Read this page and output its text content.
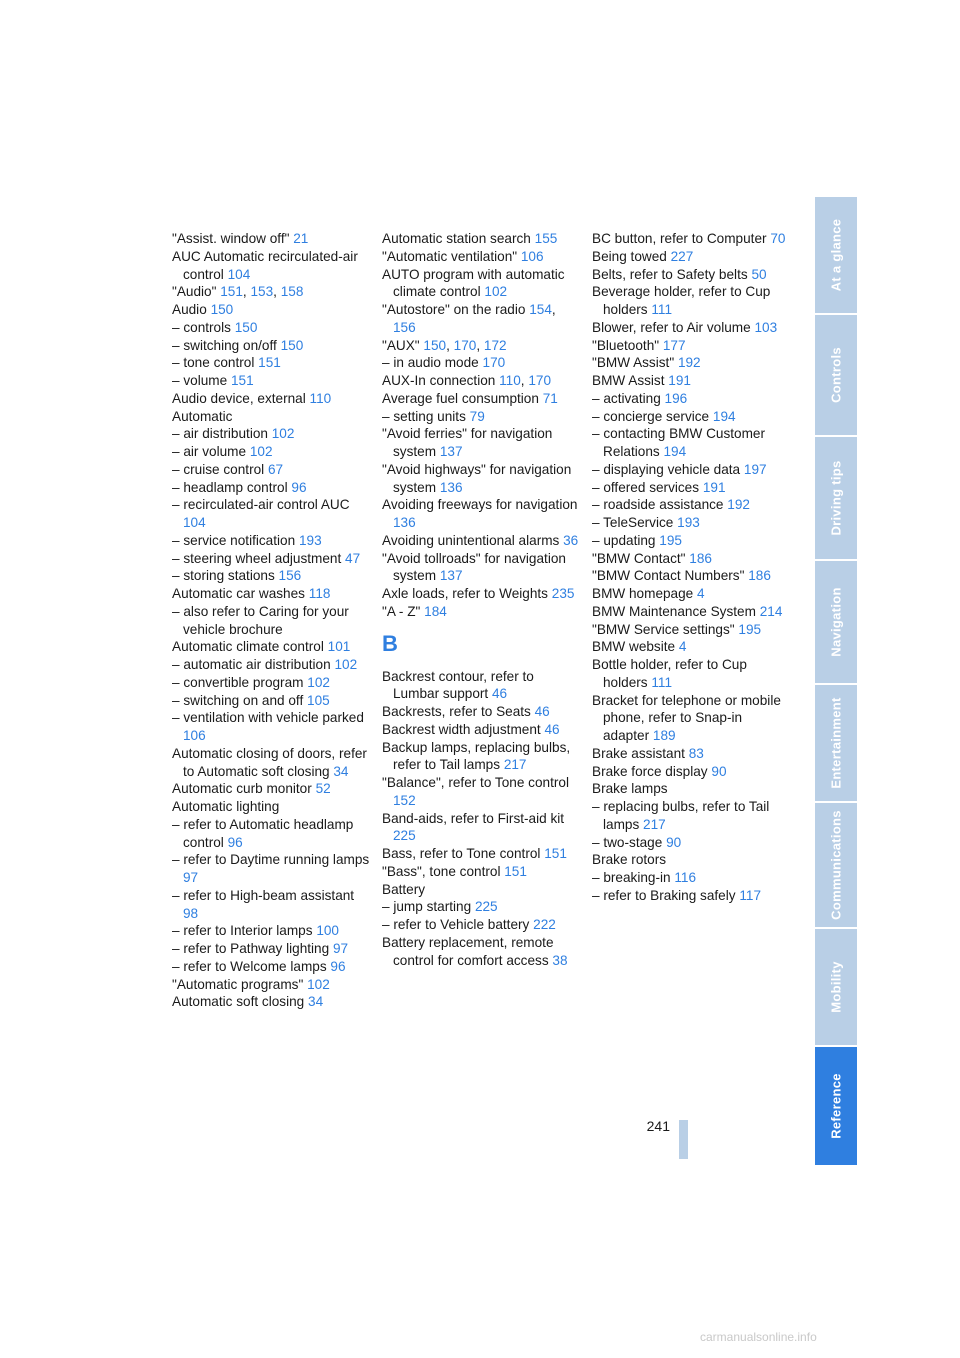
"Assist. window off" 21
AUC Automatic recirculated-air control 104
"Audio" 151, 153, 158
Audio 150
– controls 150
– switching on/off 150
– tone control 151
– volume 151
Audio device, external 110
Automatic
– air distribution 102
– air volume 102
– cruise control 67
– headlamp control 96
– recirculated-air control AUC 104
– service notification 193
– steering wheel adjustment 47
– storing stations 156
Automatic car washes 118
– also refer to Caring for your vehicle brochure
Automatic climate control 101
– automatic air distribution 102
– convertible program 102
– switching on and off 105
– ventilation with vehicle parked 106
Automatic closing of doors, refer to Automatic soft closing 34
Automatic curb monitor 52
Automatic lighting
– refer to Automatic headlamp control 96
– refer to Daytime running lamps 97
– refer to High-beam assistant 98
– refer to Interior lamps 100
– refer to Pathway lighting 97
– refer to Welcome lamps 96
"Automatic programs" 102
Automatic soft closing 34
Automatic station search 155
"Automatic ventilation" 106
AUTO program with automatic climate control 102
"Autostore" on the radio 154, 156
"AUX" 150, 170, 172
– in audio mode 170
AUX-In connection 110, 170
Average fuel consumption 71
– setting units 79
"Avoid ferries" for navigation system 137
"Avoid highways" for navigation system 136
Avoiding freeways for navigation 136
Avoiding unintentional alarms 36
"Avoid tollroads" for navigation system 137
Axle loads, refer to Weights 235
"A - Z" 184
B
Backrest contour, refer to Lumbar support 46
Backrests, refer to Seats 46
Backrest width adjustment 46
Backup lamps, replacing bulbs, refer to Tail lamps 217
"Balance", refer to Tone control 152
Band-aids, refer to First-aid kit 225
Bass, refer to Tone control 151
"Bass", tone control 151
Battery
– jump starting 225
– refer to Vehicle battery 222
Battery replacement, remote control for comfort access 38
BC button, refer to Computer 70
Being towed 227
Belts, refer to Safety belts 50
Beverage holder, refer to Cup holders 111
Blower, refer to Air volume 103
"Bluetooth" 177
"BMW Assist" 192
BMW Assist 191
– activating 196
– concierge service 194
– contacting BMW Customer Relations 194
– displaying vehicle data 197
– offered services 191
– roadside assistance 192
– TeleService 193
– updating 195
"BMW Contact" 186
"BMW Contact Numbers" 186
BMW homepage 4
BMW Maintenance System 214
"BMW Service settings" 195
BMW website 4
Bottle holder, refer to Cup holders 111
Bracket for telephone or mobile phone, refer to Snap-in adapter 189
Brake assistant 83
Brake force display 90
Brake lamps
– replacing bulbs, refer to Tail lamps 217
– two-stage 90
Brake rotors
– breaking-in 116
– refer to Braking safely 117
At a glance
Controls
Driving tips
Navigation
Entertainment
Communications
Mobility
Reference
241
carmanualsonline.info
